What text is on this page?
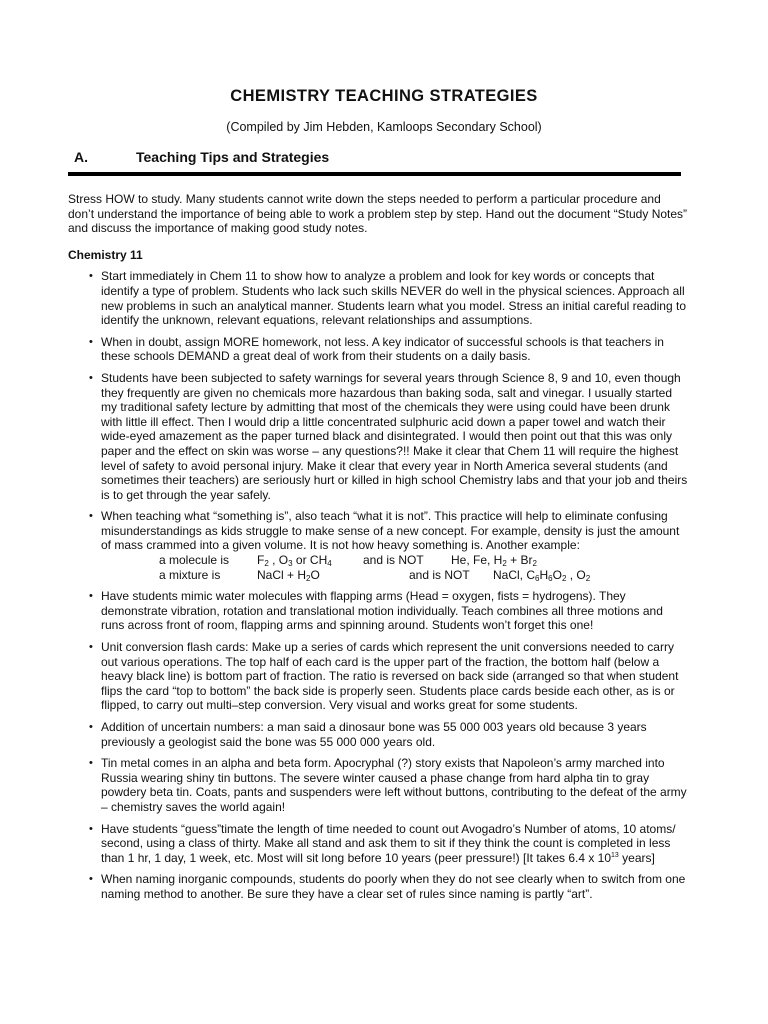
CHEMISTRY TEACHING STRATEGIES
(Compiled by Jim Hebden, Kamloops Secondary School)
A.	Teaching Tips and Strategies

Stress HOW to study. Many students cannot write down the steps needed to perform a particular procedure and don’t understand the importance of being able to work a problem step by step. Hand out the document “Study Notes” and discuss the importance of making good study notes.

Chemistry 11

• Start immediately in Chem 11 to show how to analyze a problem and look for key words or concepts that identify a type of problem. Students who lack such skills NEVER do well in the physical sciences. Approach all new problems in such an analytical manner. Students learn what you model. Stress an initial careful reading to identify the unknown, relevant equations, relevant relationships and assumptions.
• When in doubt, assign MORE homework, not less. A key indicator of successful schools is that teachers in these schools DEMAND a great deal of work from their students on a daily basis.
• Students have been subjected to safety warnings for several years through Science 8, 9 and 10, even though they frequently are given no chemicals more hazardous than baking soda, salt and vinegar. I usually started my traditional safety lecture by admitting that most of the chemicals they were using could have been drunk with little ill effect. Then I would drip a little concentrated sulphuric acid down a paper towel and watch their wide-eyed amazement as the paper turned black and disintegrated. I would then point out that this was only paper and the effect on skin was worse – any questions?!! Make it clear that Chem 11 will require the highest level of safety to avoid personal injury. Make it clear that every year in North America several students (and sometimes their teachers) are seriously hurt or killed in high school Chemistry labs and that your job and theirs is to get through the year safely.
• When teaching what “something is”, also teach “what it is not”. This practice will help to eliminate confusing misunderstandings as kids struggle to make sense of a new concept. For example, density is just the amount of mass crammed into a given volume. It is not how heavy something is. Another example:
a molecule is	$F_2$ , $O_3$ or $CH_4$	and is NOT	He, Fe, $H_2 + Br_2$
a mixture is	NaCl + $H_2O$	and is NOT	NaCl, $C_6H_6O_2$ , $O_2$
• Have students mimic water molecules with flapping arms (Head = oxygen, fists = hydrogens). They demonstrate vibration, rotation and translational motion individually. Teach combines all three motions and runs across front of room, flapping arms and spinning around. Students won’t forget this one!
• Unit conversion flash cards: Make up a series of cards which represent the unit conversions needed to carry out various operations. The top half of each card is the upper part of the fraction, the bottom half (below a heavy black line) is bottom part of fraction. The ratio is reversed on back side (arranged so that when student flips the card “top to bottom” the back side is properly seen. Students place cards beside each other, as is or flipped, to carry out multi–step conversion. Very visual and works great for some students.
• Addition of uncertain numbers: a man said a dinosaur bone was 55 000 003 years old because 3 years previously a geologist said the bone was 55 000 000 years old.
• Tin metal comes in an alpha and beta form. Apocryphal (?) story exists that Napoleon’s army marched into Russia wearing shiny tin buttons. The severe winter caused a phase change from hard alpha tin to gray powdery beta tin. Coats, pants and suspenders were left without buttons, contributing to the defeat of the army – chemistry saves the world again!
• Have students “guess”timate the length of time needed to count out Avogadro’s Number of atoms, 10 atoms/ second, using a class of thirty. Make all stand and ask them to sit if they think the count is completed in less than 1 hr, 1 day, 1 week, etc. Most will sit long before 10 years (peer pressure!) [It takes 6.4 x $10^{13}$ years]
• When naming inorganic compounds, students do poorly when they do not see clearly when to switch from one naming method to another. Be sure they have a clear set of rules since naming is partly “art”.
